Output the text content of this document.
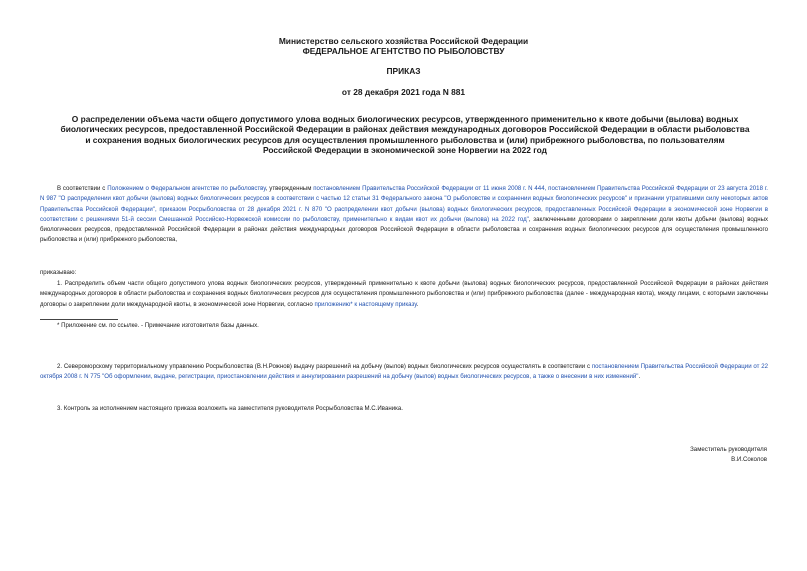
Министерство сельского хозяйства Российской Федерации
ФЕДЕРАЛЬНОЕ АГЕНТСТВО ПО РЫБОЛОВСТВУ
ПРИКАЗ
от 28 декабря 2021 года N 881
О распределении объема части общего допустимого улова водных биологических ресурсов, утвержденного применительно к квоте добычи (вылова) водных биологических ресурсов, предоставленной Российской Федерации в районах действия международных договоров Российской Федерации в области рыболовства и сохранения водных биологических ресурсов для осуществления промышленного рыболовства и (или) прибрежного рыболовства, по пользователям Российской Федерации в экономической зоне Норвегии на 2022 год
В соответствии с Положением о Федеральном агентстве по рыболовству, утвержденным постановлением Правительства Российской Федерации от 11 июня 2008 г. N 444, постановлением Правительства Российской Федерации от 23 августа 2018 г. N 987 "О распределении квот добычи (вылова) водных биологических ресурсов в соответствии с частью 12 статьи 31 Федерального закона "О рыболовстве и сохранении водных биологических ресурсов" и признании утратившими силу некоторых актов Правительства Российской Федерации", приказом Росрыболовства от 28 декабря 2021 г. N 870 "О распределении квот добычи (вылова) водных биологических ресурсов, предоставленных Российской Федерации в экономической зоне Норвегии в соответствии с решениями 51-й сессии Смешанной Российско-Норвежской комиссии по рыболовству, применительно к видам квот их добычи (вылова) на 2022 год", заключенными договорами о закреплении доли квоты добычи (вылова) водных биологических ресурсов, предоставленной Российской Федерации в районах действия международных договоров Российской Федерации в области рыболовства и сохранения водных биологических ресурсов для осуществления промышленного рыболовства и (или) прибрежного рыболовства,
приказываю:
1. Распределить объем части общего допустимого улова водных биологических ресурсов, утвержденный применительно к квоте добычи (вылова) водных биологических ресурсов, предоставленной Российской Федерации в районах действия международных договоров в области рыболовства и сохранения водных биологических ресурсов для осуществления промышленного рыболовства и (или) прибрежного рыболовства (далее - международная квота), между лицами, с которыми заключены договоры о закреплении доли международной квоты, в экономической зоне Норвегии, согласно приложению* к настоящему приказу.
* Приложение см. по ссылке. - Примечание изготовителя базы данных.
2. Североморскому территориальному управлению Росрыболовства (В.Н.Рожнов) выдачу разрешений на добычу (вылов) водных биологических ресурсов осуществлять в соответствии с постановлением Правительства Российской Федерации от 22 октября 2008 г. N 775 "Об оформлении, выдаче, регистрации, приостановлении действия и аннулировании разрешений на добычу (вылов) водных биологических ресурсов, а также о внесении в них изменений".
3. Контроль за исполнением настоящего приказа возложить на заместителя руководителя Росрыболовства М.С.Иваника.
Заместитель руководителя
В.И.Соколов
